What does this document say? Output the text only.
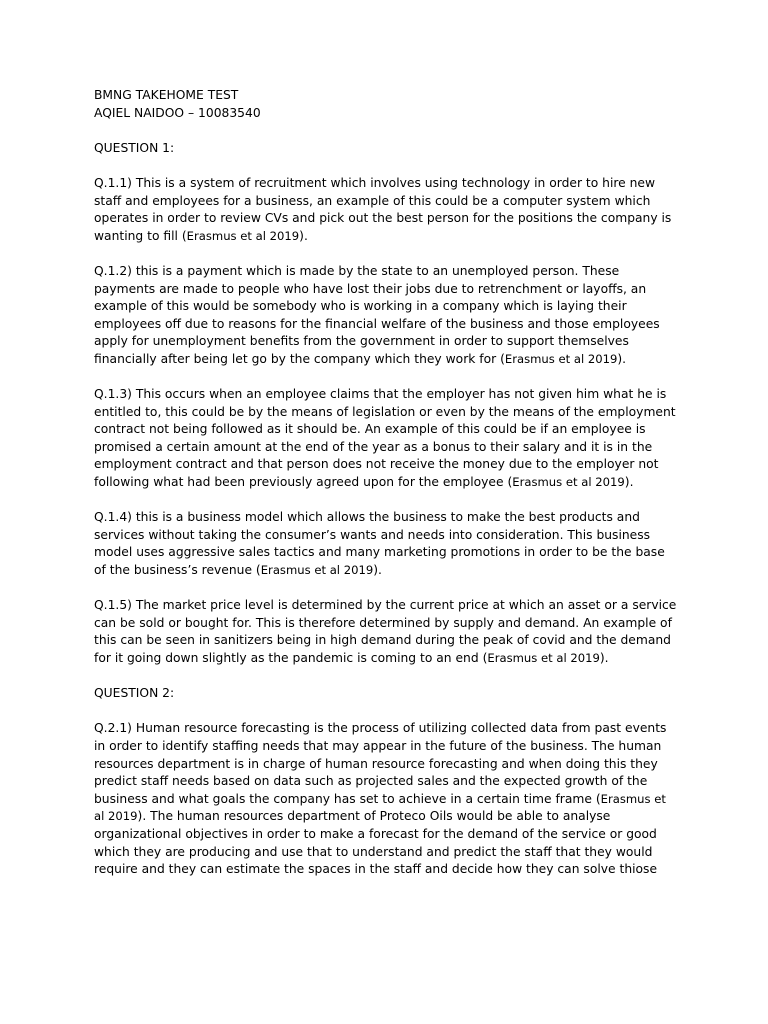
BMNG TAKEHOME TEST
AQIEL NAIDOO – 10083540
QUESTION 1:
Q.1.1) This is a system of recruitment which involves using technology in order to hire new staff and employees for a business, an example of this could be a computer system which operates in order to review CVs and pick out the best person for the positions the company is wanting to fill (Erasmus et al 2019).
Q.1.2) this is a payment which is made by the state to an unemployed person. These payments are made to people who have lost their jobs due to retrenchment or layoffs, an example of this would be somebody who is working in a company which is laying their employees off due to reasons for the financial welfare of the business and those employees apply for unemployment benefits from the government in order to support themselves financially after being let go by the company which they work for (Erasmus et al 2019).
Q.1.3) This occurs when an employee claims that the employer has not given him what he is entitled to, this could be by the means of legislation or even by the means of the employment contract not being followed as it should be. An example of this could be if an employee is promised a certain amount at the end of the year as a bonus to their salary and it is in the employment contract and that person does not receive the money due to the employer not following what had been previously agreed upon for the employee (Erasmus et al 2019).
Q.1.4) this is a business model which allows the business to make the best products and services without taking the consumer’s wants and needs into consideration. This business model uses aggressive sales tactics and many marketing promotions in order to be the base of the business’s revenue (Erasmus et al 2019).
Q.1.5) The market price level is determined by the current price at which an asset or a service can be sold or bought for. This is therefore determined by supply and demand. An example of this can be seen in sanitizers being in high demand during the peak of covid and the demand for it going down slightly as the pandemic is coming to an end (Erasmus et al 2019).
QUESTION 2:
Q.2.1) Human resource forecasting is the process of utilizing collected data from past events in order to identify staffing needs that may appear in the future of the business. The human resources department is in charge of human resource forecasting and when doing this they predict staff needs based on data such as projected sales and the expected growth of the business and what goals the company has set to achieve in a certain time frame (Erasmus et al 2019). The human resources department of Proteco Oils would be able to analyse organizational objectives in order to make a forecast for the demand of the service or good which they are producing and use that to understand and predict the staff that they would require and they can estimate the spaces in the staff and decide how they can solve thiose
